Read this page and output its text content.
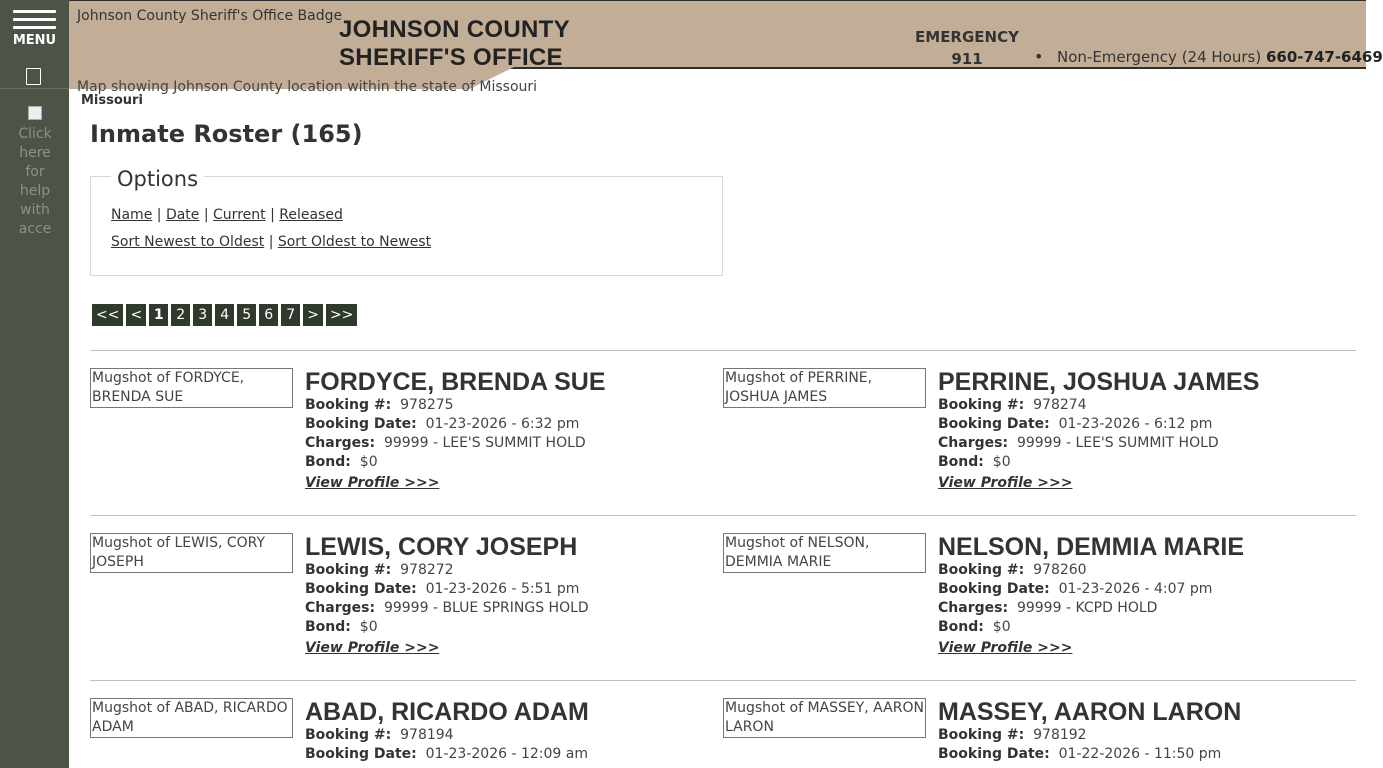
MENU
Click here for help with acce
Johnson County Sheriff's Office Badge
JOHNSON COUNTY
SHERIFF'S OFFICE
EMERGENCY
911	• Non-Emergency (24 Hours) 660-747-6469
Map showing Johnson County location within the state of Missouri
Missouri
Inmate Roster (165)
Options
Name | Date | Current | Released
Sort Newest to Oldest | Sort Oldest to Newest
<< < 1 2 3 4 5 6 7 > >>
Mugshot of FORDYCE, BRENDA SUE
FORDYCE, BRENDA SUE
Booking #: 978275
Booking Date: 01-23-2026 - 6:32 pm
Charges: 99999 - LEE'S SUMMIT HOLD
Bond: $0
View Profile >>>
Mugshot of PERRINE, JOSHUA JAMES
PERRINE, JOSHUA JAMES
Booking #: 978274
Booking Date: 01-23-2026 - 6:12 pm
Charges: 99999 - LEE'S SUMMIT HOLD
Bond: $0
View Profile >>>
Mugshot of LEWIS, CORY JOSEPH
LEWIS, CORY JOSEPH
Booking #: 978272
Booking Date: 01-23-2026 - 5:51 pm
Charges: 99999 - BLUE SPRINGS HOLD
Bond: $0
View Profile >>>
Mugshot of NELSON, DEMMIA MARIE
NELSON, DEMMIA MARIE
Booking #: 978260
Booking Date: 01-23-2026 - 4:07 pm
Charges: 99999 - KCPD HOLD
Bond: $0
View Profile >>>
Mugshot of ABAD, RICARDO ADAM
ABAD, RICARDO ADAM
Booking #: 978194
Booking Date: 01-23-2026 - 12:09 am
Mugshot of MASSEY, AARON LARON
MASSEY, AARON LARON
Booking #: 978192
Booking Date: 01-22-2026 - 11:50 pm
